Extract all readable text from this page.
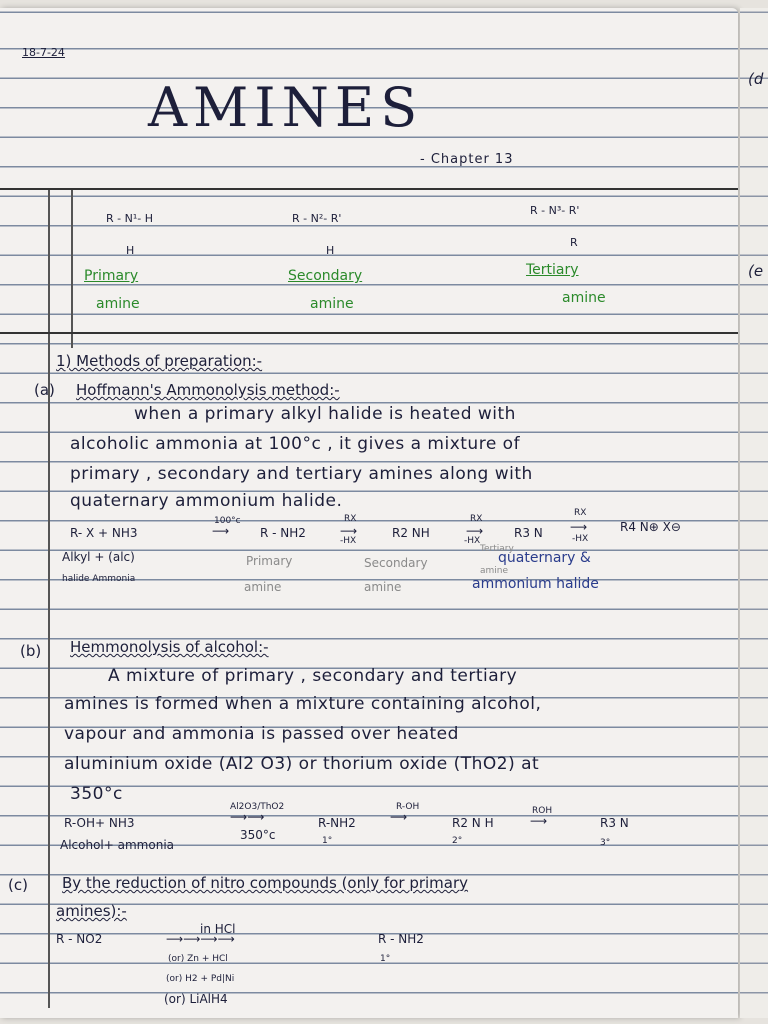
(d
(e
18-7-24
AMINES
- Chapter 13
R - N¹- H
H
Primary
amine
R - N²- R'
H
Secondary
amine
R - N³- R'
R
Tertiary
amine
1) Methods of preparation:-
(a) Hoffmann's Ammonolysis method:-
when a primary alkyl halide is heated with
alcoholic ammonia at 100°c , it gives a mixture of
primary , secondary and tertiary amines along with
quaternary ammonium halide.
R- X + NH3
100°c
⟶	R - NH2
RX
-HX
⟶	R2 NH
RX
-HX
⟶	R3 N
RX
-HX
⟶	R4 N⊕ X⊖
Alkyl + (alc)
halide Ammonia
Primary
amine
Secondary
amine
Tertiary
amine
quaternary &
ammonium halide
(b) Hemmonolysis of alcohol:-
A mixture of primary , secondary and tertiary
amines is formed when a mixture containing alcohol,
vapour and ammonia is passed over heated
aluminium oxide (Al2 O3) or thorium oxide (ThO2) at
350°c
R-OH+ NH3
Alcohol+ ammonia
Al2O3/ThO2
⟶⟶
350°c
R-NH2
1°
R-OH
⟶	R2 N H
2°
ROH
⟶	R3 N
3°
(c) By the reduction of nitro compounds (only for primary
amines):-
R - NO2
in HCl
⟶⟶⟶⟶	R - NH2
1°
(or) Zn + HCl
(or) H2 + Pd|Ni
(or) LiAlH4
